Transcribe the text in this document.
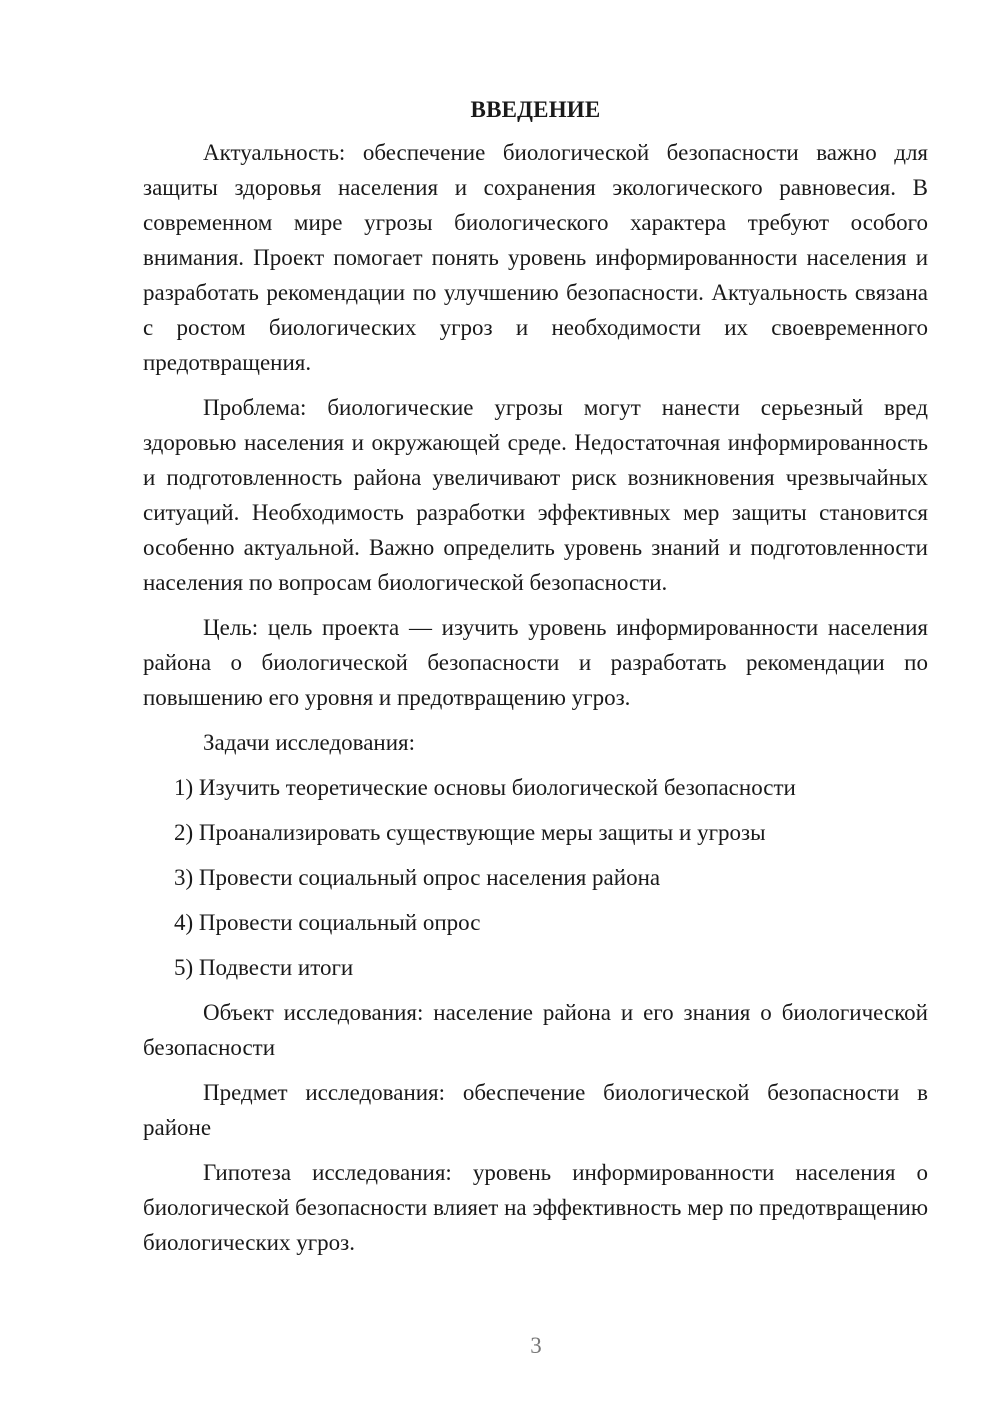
ВВЕДЕНИЕ

Актуальность: обеспечение биологической безопасности важно для защиты здоровья населения и сохранения экологического равновесия. В современном мире угрозы биологического характера требуют особого внимания. Проект помогает понять уровень информированности населения и разработать рекомендации по улучшению безопасности. Актуальность связана с ростом биологических угроз и необходимости их своевременного предотвращения.

Проблема: биологические угрозы могут нанести серьезный вред здоровью населения и окружающей среде. Недостаточная информированность и подготовленность района увеличивают риск возникновения чрезвычайных ситуаций. Необходимость разработки эффективных мер защиты становится особенно актуальной. Важно определить уровень знаний и подготовленности населения по вопросам биологической безопасности.

Цель: цель проекта — изучить уровень информированности населения района о биологической безопасности и разработать рекомендации по повышению его уровня и предотвращению угроз.

Задачи исследования:

1) Изучить теоретические основы биологической безопасности
2) Проанализировать существующие меры защиты и угрозы
3) Провести социальный опрос населения района
4) Провести социальный опрос
5) Подвести итоги

Объект исследования: население района и его знания о биологической безопасности

Предмет исследования: обеспечение биологической безопасности в районе

Гипотеза исследования: уровень информированности населения о биологической безопасности влияет на эффективность мер по предотвращению биологических угроз.

3
